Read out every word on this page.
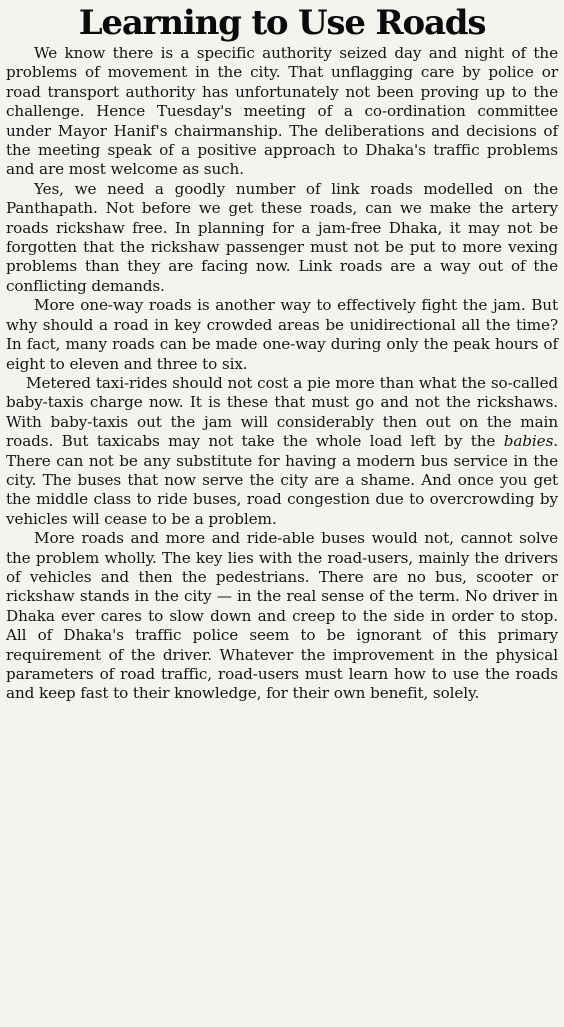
Learning to Use Roads

We know there is a specific authority seized day and night of the problems of movement in the city. That unflagging care by police or road transport authority has unfortunately not been proving up to the challenge. Hence Tuesday's meeting of a co-ordination committee under Mayor Hanif's chairmanship. The deliberations and decisions of the meeting speak of a positive approach to Dhaka's traffic problems and are most welcome as such.

Yes, we need a goodly number of link roads modelled on the Panthapath. Not before we get these roads, can we make the artery roads rickshaw free. In planning for a jam-free Dhaka, it may not be forgotten that the rickshaw passenger must not be put to more vexing problems than they are facing now. Link roads are a way out of the conflicting demands.

More one-way roads is another way to effectively fight the jam. But why should a road in key crowded areas be unidirectional all the time? In fact, many roads can be made one-way during only the peak hours of eight to eleven and three to six.

Metered taxi-rides should not cost a pie more than what the so-called baby-taxis charge now. It is these that must go and not the rickshaws. With baby-taxis out the jam will considerably then out on the main roads. But taxicabs may not take the whole load left by the babies. There can not be any substitute for having a modern bus service in the city. The buses that now serve the city are a shame. And once you get the middle class to ride buses, road congestion due to overcrowding by vehicles will cease to be a problem.

More roads and more and ride-able buses would not, cannot solve the problem wholly. The key lies with the road-users, mainly the drivers of vehicles and then the pedestrians. There are no bus, scooter or rickshaw stands in the city — in the real sense of the term. No driver in Dhaka ever cares to slow down and creep to the side in order to stop. All of Dhaka's traffic police seem to be ignorant of this primary requirement of the driver. Whatever the improvement in the physical parameters of road traffic, road-users must learn how to use the roads and keep fast to their knowledge, for their own benefit, solely.
